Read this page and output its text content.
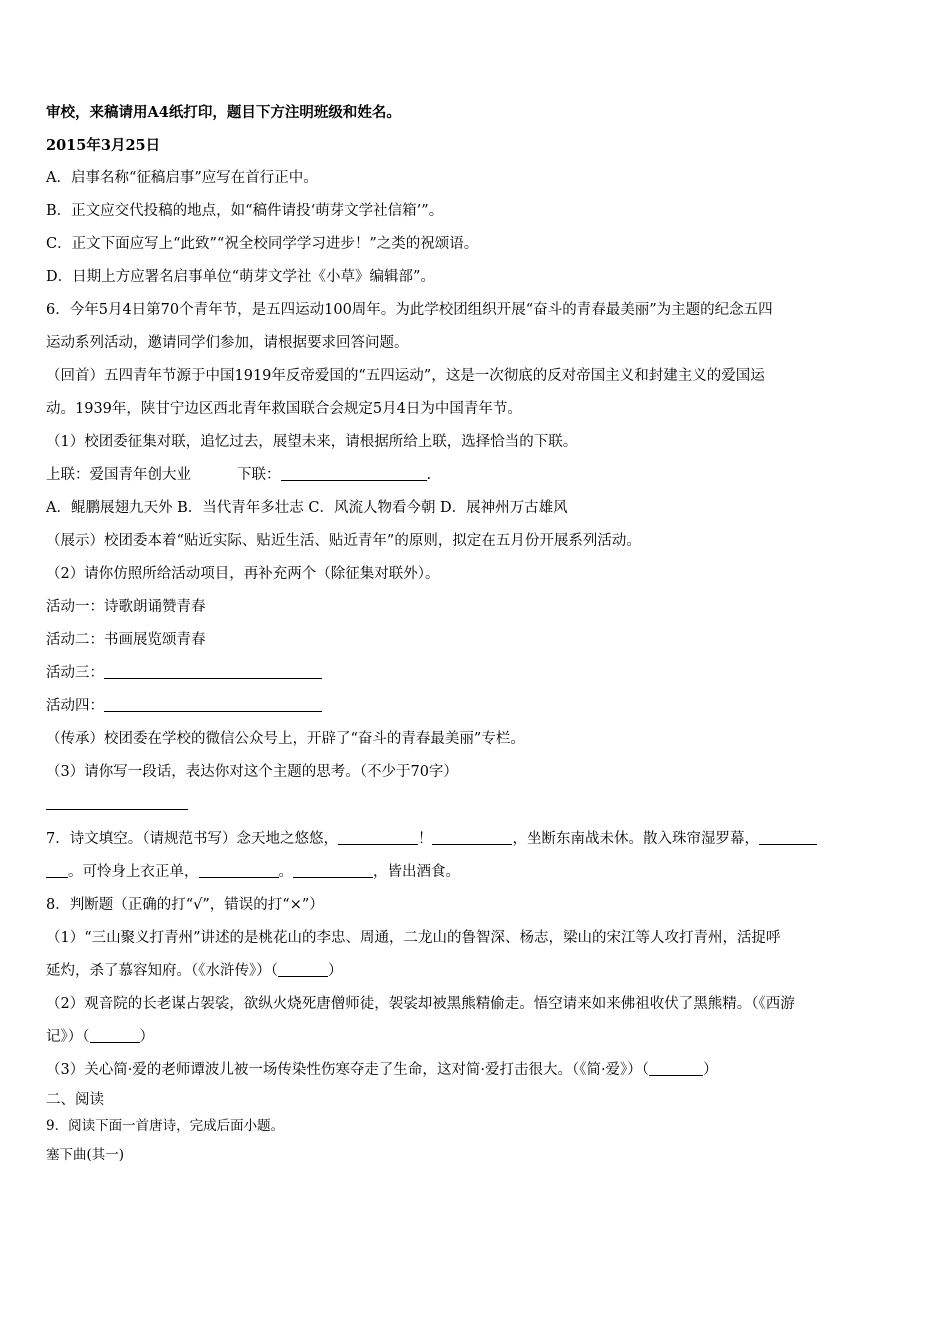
审校，来稿请用A4纸打印，题目下方注明班级和姓名。
2015年3月25日
A．启事名称“征稿启事”应写在首行正中。
B．正文应交代投稿的地点，如“稿件请投‘萌芽文学社信箱’”。
C．正文下面应写上“此致”“祝全校同学学习进步！”之类的祝颂语。
D．日期上方应署名启事单位“萌芽文学社《小草》编辑部”。
6．今年5月4日第70个青年节，是五四运动100周年。为此学校团组织开展“奋斗的青春最美丽”为主题的纪念五四
运动系列活动，邀请同学们参加，请根据要求回答问题。
（回首）五四青年节源于中国1919年反帝爱国的“五四运动”，这是一次彻底的反对帝国主义和封建主义的爱国运
动。1939年，陕甘宁边区西北青年救国联合会规定5月4日为中国青年节。
（1）校团委征集对联，追忆过去，展望未来，请根据所给上联，选择恰当的下联。
上联：爱国青年创大业	下联：	.
A．鲲鹏展翅九天外 B．当代青年多壮志 C．风流人物看今朝 D．展神州万古雄风
（展示）校团委本着“贴近实际、贴近生活、贴近青年”的原则，拟定在五月份开展系列活动。
（2）请你仿照所给活动项目，再补充两个（除征集对联外）。
活动一：诗歌朗诵赞青春
活动二：书画展览颂青春
活动三：
活动四：
（传承）校团委在学校的微信公众号上，开辟了“奋斗的青春最美丽”专栏。
（3）请你写一段话，表达你对这个主题的思考。（不少于70字）
7．诗文填空。（请规范书写）念天地之悠悠，	！	，坐断东南战未休。散入珠帘湿罗幕，
。可怜身上衣正单，	。	，皆出酒食。
8．判断题（正确的打“√”，错误的打“×”）
（1）“三山聚义打青州”讲述的是桃花山的李忠、周通，二龙山的鲁智深、杨志，梁山的宋江等人攻打青州，活捉呼
延灼，杀了慕容知府。（《水浒传》）（	）
（2）观音院的长老谋占袈裟，欲纵火烧死唐僧师徒，袈裟却被黑熊精偷走。悟空请来如来佛祖收伏了黑熊精。（《西游
记》）（	）
（3）关心简·爱的老师谭波儿被一场传染性伤寒夺走了生命，这对简·爱打击很大。（《简·爱》）（	）
二、阅读
9．阅读下面一首唐诗，完成后面小题。
塞下曲(其一)
